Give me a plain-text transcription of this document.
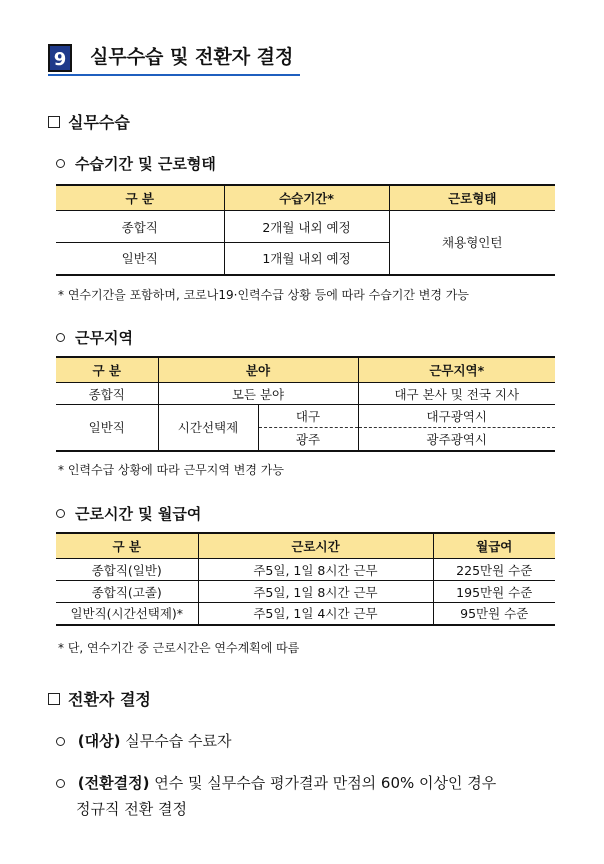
9	실무수습 및 전환자 결정
실무수습
수습기간 및 근로형태
구 분	수습기간*	근로형태
종합직	2개월 내외 예정	채용형인턴
일반직	1개월 내외 예정	
* 연수기간을 포함하며, 코로나19·인력수급 상황 등에 따라 수습기간 변경 가능
근무지역
구 분	분야		근무지역*
종합직	모든 분야		대구 본사 및 전국 지사
일반직	시간선택제	대구	대구광역시
		광주	광주광역시
* 인력수급 상황에 따라 근무지역 변경 가능
근로시간 및 월급여
구 분	근로시간	월급여
종합직(일반)	주5일, 1일 8시간 근무	225만원 수준
종합직(고졸)	주5일, 1일 8시간 근무	195만원 수준
일반직(시간선택제)*	주5일, 1일 4시간 근무	95만원 수준
* 단, 연수기간 중 근로시간은 연수계획에 따름
전환자 결정
(대상) 실무수습 수료자
(전환결정) 연수 및 실무수습 평가결과 만점의 60% 이상인 경우
정규직 전환 결정
